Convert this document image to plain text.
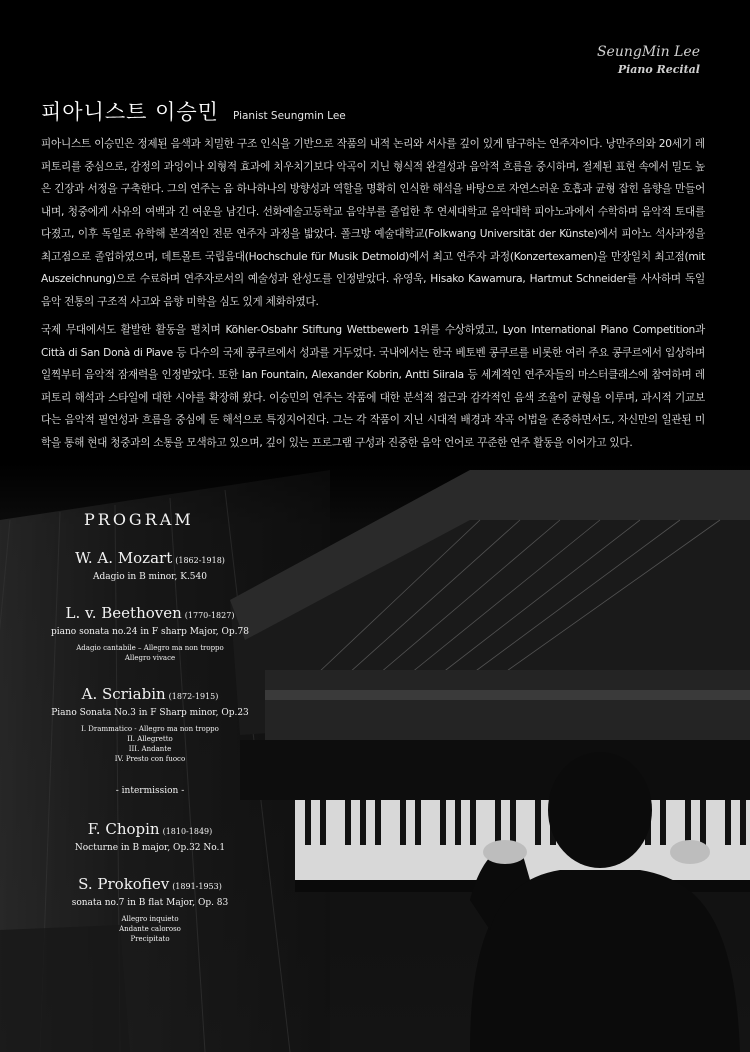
SeungMin Lee
Piano Recital
피아니스트 이승민 Pianist Seungmin Lee

피아니스트 이승민은 정제된 음색과 치밀한 구조 인식을 기반으로 작품의 내적 논리와 서사를 깊이 있게 탐구하는 연주자이다. 낭만주의와 20세기 레퍼토리를 중심으로, 감정의 과잉이나 외형적 효과에 치우치기보다 악곡이 지닌 형식적 완결성과 음악적 흐름을 중시하며, 절제된 표현 속에서 밀도 높은 긴장과 서정을 구축한다. 그의 연주는 음 하나하나의 방향성과 역할을 명확히 인식한 해석을 바탕으로 자연스러운 호흡과 균형 잡힌 음향을 만들어내며, 청중에게 사유의 여백과 긴 여운을 남긴다. 선화예술고등학교 음악부를 졸업한 후 연세대학교 음악대학 피아노과에서 수학하며 음악적 토대를 다졌고, 이후 독일로 유학해 본격적인 전문 연주자 과정을 밟았다. 폴크방 예술대학교(Folkwang Universität der Künste)에서 피아노 석사과정을 최고점으로 졸업하였으며, 데트몰트 국립음대(Hochschule für Musik Detmold)에서 최고 연주자 과정(Konzertexamen)을 만장일치 최고점(mit Auszeichnung)으로 수료하며 연주자로서의 예술성과 완성도를 인정받았다. 유영욱, Hisako Kawamura, Hartmut Schneider를 사사하며 독일 음악 전통의 구조적 사고와 음향 미학을 심도 있게 체화하였다.

국제 무대에서도 활발한 활동을 펼치며 Köhler-Osbahr Stiftung Wettbewerb 1위를 수상하였고, Lyon International Piano Competition과 Città di San Donà di Piave 등 다수의 국제 콩쿠르에서 성과를 거두었다. 국내에서는 한국 베토벤 콩쿠르를 비롯한 여러 주요 콩쿠르에서 입상하며 일찍부터 음악적 잠재력을 인정받았다. 또한 Ian Fountain, Alexander Kobrin, Antti Siirala 등 세계적인 연주자들의 마스터클래스에 참여하며 레퍼토리 해석과 스타일에 대한 시야를 확장해 왔다. 이승민의 연주는 작품에 대한 분석적 접근과 감각적인 음색 조율이 균형을 이루며, 과시적 기교보다는 음악적 필연성과 흐름을 중심에 둔 해석으로 특징지어진다. 그는 각 작품이 지닌 시대적 배경과 작곡 어법을 존중하면서도, 자신만의 일관된 미학을 통해 현대 청중과의 소통을 모색하고 있으며, 깊이 있는 프로그램 구성과 진중한 음악 언어로 꾸준한 연주 활동을 이어가고 있다.

PROGRAM
W. A. Mozart (1862-1918)
Adagio in B minor, K.540
L. v. Beethoven (1770-1827)
piano sonata no.24 in F sharp Major, Op.78
Adagio cantabile – Allegro ma non troppo
Allegro vivace
A. Scriabin (1872-1915)
Piano Sonata No.3 in F Sharp minor, Op.23
I. Drammatico - Allegro ma non troppo
II. Allegretto
III. Andante
IV. Presto con fuoco
- intermission -
F. Chopin (1810-1849)
Nocturne in B major, Op.32 No.1
S. Prokofiev (1891-1953)
sonata no.7 in B flat Major, Op. 83
Allegro inquieto
Andante caloroso
Precipitato
